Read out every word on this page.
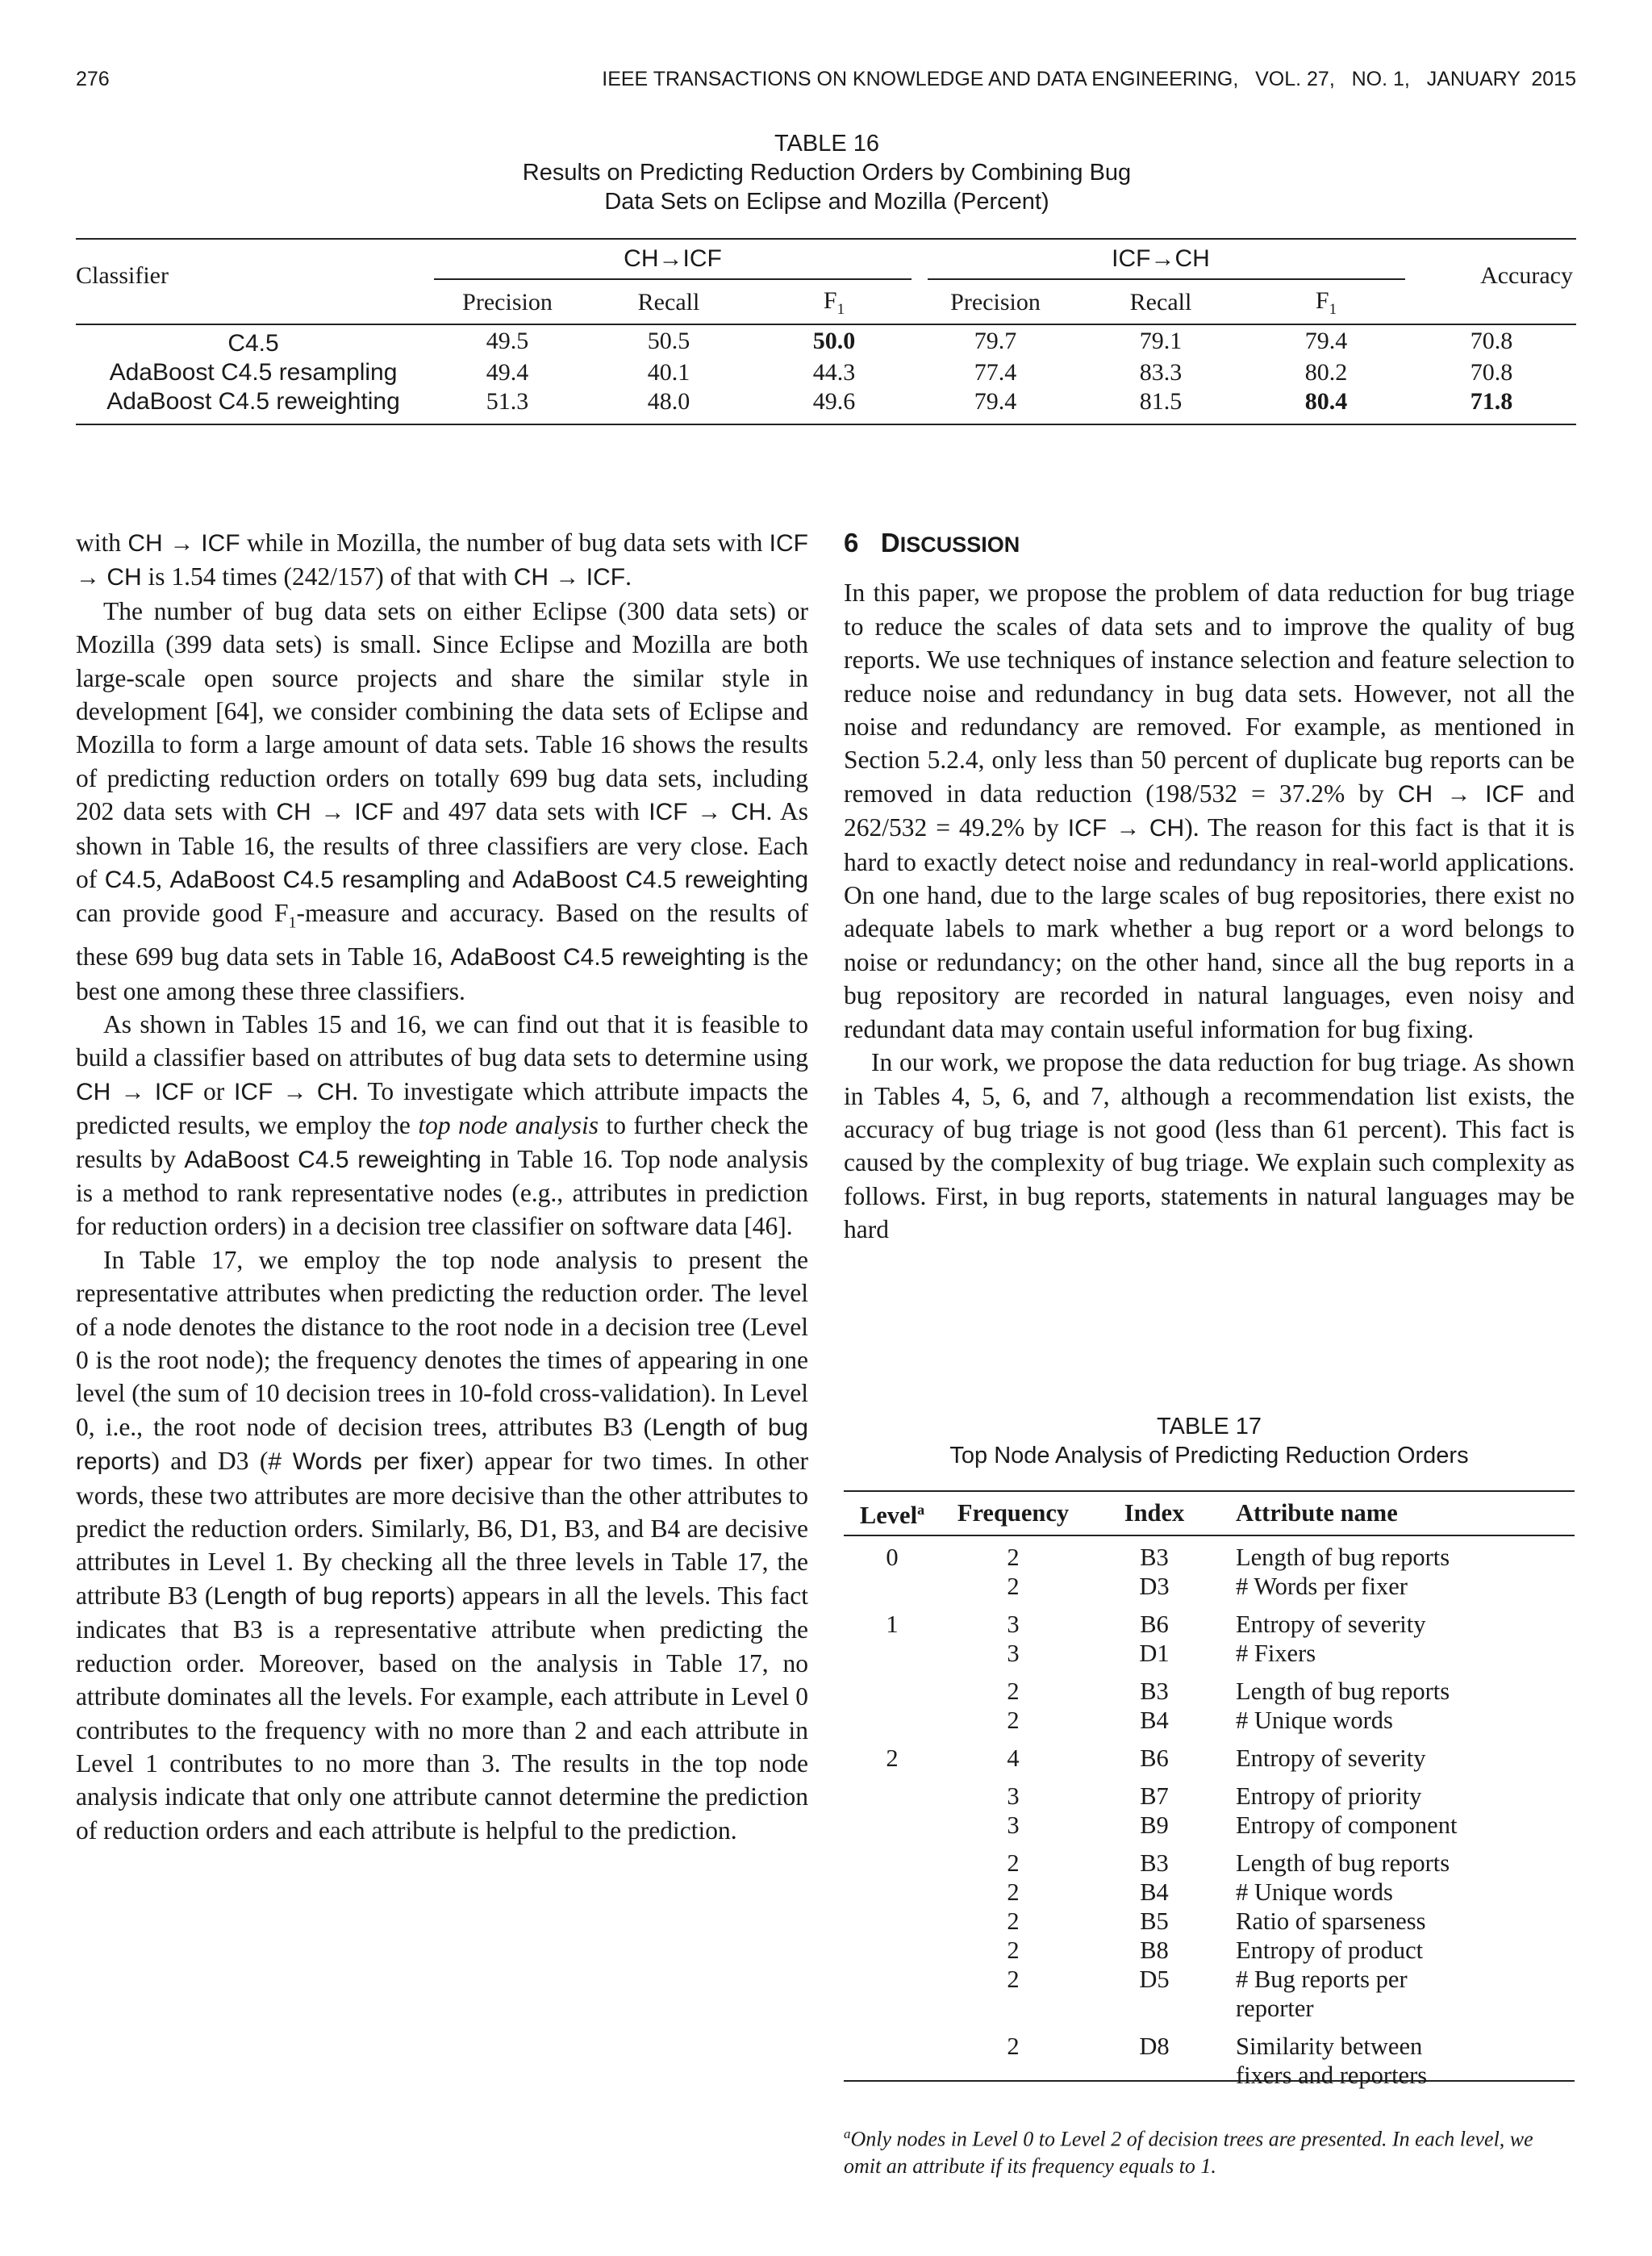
276	IEEE TRANSACTIONS ON KNOWLEDGE AND DATA ENGINEERING,   VOL. 27,   NO. 1,   JANUARY  2015
TABLE 16
Results on Predicting Reduction Orders by Combining Bug
Data Sets on Eclipse and Mozilla (Percent)
Classifier	CH→ICF			ICF→CH			Accuracy
	Precision	Recall	$F_1$	Precision	Recall	$F_1$
C4.5	49.5	50.5	50.0	79.7	79.1	79.4	70.8
AdaBoost C4.5 resampling	49.4	40.1	44.3	77.4	83.3	80.2	70.8
AdaBoost C4.5 reweighting	51.3	48.0	49.6	79.4	81.5	80.4	71.8

with CH → ICF while in Mozilla, the number of bug data sets with ICF → CH is 1.54 times (242/157) of that with CH → ICF.

The number of bug data sets on either Eclipse (300 data sets) or Mozilla (399 data sets) is small. Since Eclipse and Mozilla are both large-scale open source projects and share the similar style in development [64], we consider combining the data sets of Eclipse and Mozilla to form a large amount of data sets. Table 16 shows the results of predicting reduction orders on totally 699 bug data sets, including 202 data sets with CH → ICF and 497 data sets with ICF → CH. As shown in Table 16, the results of three classifiers are very close. Each of C4.5, AdaBoost C4.5 resampling and AdaBoost C4.5 reweighting can provide good $F_1$-measure and accuracy. Based on the results of these 699 bug data sets in Table 16, AdaBoost C4.5 reweighting is the best one among these three classifiers.

As shown in Tables 15 and 16, we can find out that it is feasible to build a classifier based on attributes of bug data sets to determine using CH → ICF or ICF → CH. To investigate which attribute impacts the predicted results, we employ the top node analysis to further check the results by AdaBoost C4.5 reweighting in Table 16. Top node analysis is a method to rank representative nodes (e.g., attributes in prediction for reduction orders) in a decision tree classifier on software data [46].

In Table 17, we employ the top node analysis to present the representative attributes when predicting the reduction order. The level of a node denotes the distance to the root node in a decision tree (Level 0 is the root node); the frequency denotes the times of appearing in one level (the sum of 10 decision trees in 10-fold cross-validation). In Level 0, i.e., the root node of decision trees, attributes B3 (Length of bug reports) and D3 (# Words per fixer) appear for two times. In other words, these two attributes are more decisive than the other attributes to predict the reduction orders. Similarly, B6, D1, B3, and B4 are decisive attributes in Level 1. By checking all the three levels in Table 17, the attribute B3 (Length of bug reports) appears in all the levels. This fact indicates that B3 is a representative attribute when predicting the reduction order. Moreover, based on the analysis in Table 17, no attribute dominates all the levels. For example, each attribute in Level 0 contributes to the frequency with no more than 2 and each attribute in Level 1 contributes to no more than 3. The results in the top node analysis indicate that only one attribute cannot determine the prediction of reduction orders and each attribute is helpful to the prediction.

6 DISCUSSION

In this paper, we propose the problem of data reduction for bug triage to reduce the scales of data sets and to improve the quality of bug reports. We use techniques of instance selection and feature selection to reduce noise and redundancy in bug data sets. However, not all the noise and redundancy are removed. For example, as mentioned in Section 5.2.4, only less than 50 percent of duplicate bug reports can be removed in data reduction (198/532 = 37.2% by CH → ICF and 262/532 = 49.2% by ICF → CH). The reason for this fact is that it is hard to exactly detect noise and redundancy in real-world applications. On one hand, due to the large scales of bug repositories, there exist no adequate labels to mark whether a bug report or a word belongs to noise or redundancy; on the other hand, since all the bug reports in a bug repository are recorded in natural languages, even noisy and redundant data may contain useful information for bug fixing.

In our work, we propose the data reduction for bug triage. As shown in Tables 4, 5, 6, and 7, although a recommendation list exists, the accuracy of bug triage is not good (less than 61 percent). This fact is caused by the complexity of bug triage. We explain such complexity as follows. First, in bug reports, statements in natural languages may be hard

TABLE 17
Top Node Analysis of Predicting Reduction Orders
Level$^a$	Frequency	Index	Attribute name
0	2	B3	Length of bug reports
	2	D3	# Words per fixer
1	3	B6	Entropy of severity
	3	D1	# Fixers
	2	B3	Length of bug reports
	2	B4	# Unique words
2	4	B6	Entropy of severity
	3	B7	Entropy of priority
	3	B9	Entropy of component
	2	B3	Length of bug reports
	2	B4	# Unique words
	2	B5	Ratio of sparseness
	2	B8	Entropy of product
	2	D5	# Bug reports per reporter
	2	D8	Similarity between fixers and reporters
$^a$Only nodes in Level 0 to Level 2 of decision trees are presented. In each level, we omit an attribute if its frequency equals to 1.
